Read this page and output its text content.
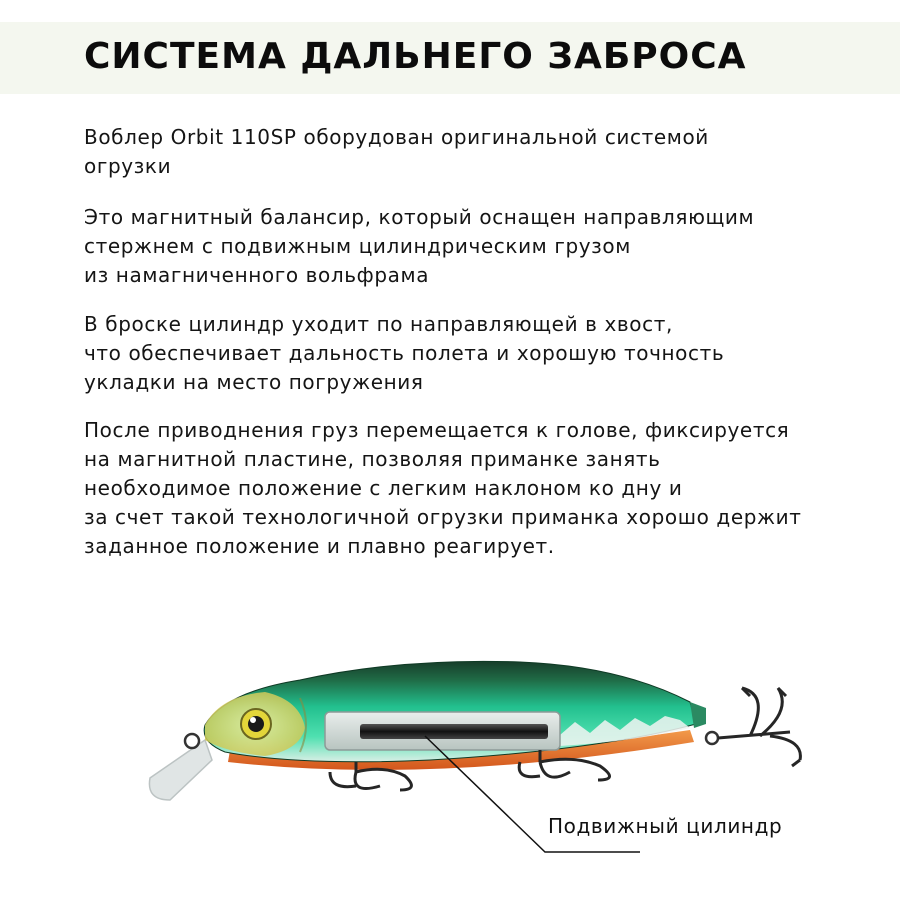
СИСТЕМА ДАЛЬНЕГО ЗАБРОСА
Воблер Orbit 110SP оборудован оригинальной системой
огрузки
Это магнитный балансир, который оснащен направляющим
стержнем с подвижным цилиндрическим грузом
из намагниченного вольфрама
В броске цилиндр уходит по направляющей в хвост,
что обеспечивает дальность полета и хорошую точность
укладки на место погружения
После приводнения груз перемещается к голове, фиксируется
на магнитной пластине, позволяя приманке занять
необходимое положение с легким наклоном ко дну и
за счет такой технологичной огрузки приманка хорошо держит
заданное положение и плавно реагирует.

Подвижный цилиндр
